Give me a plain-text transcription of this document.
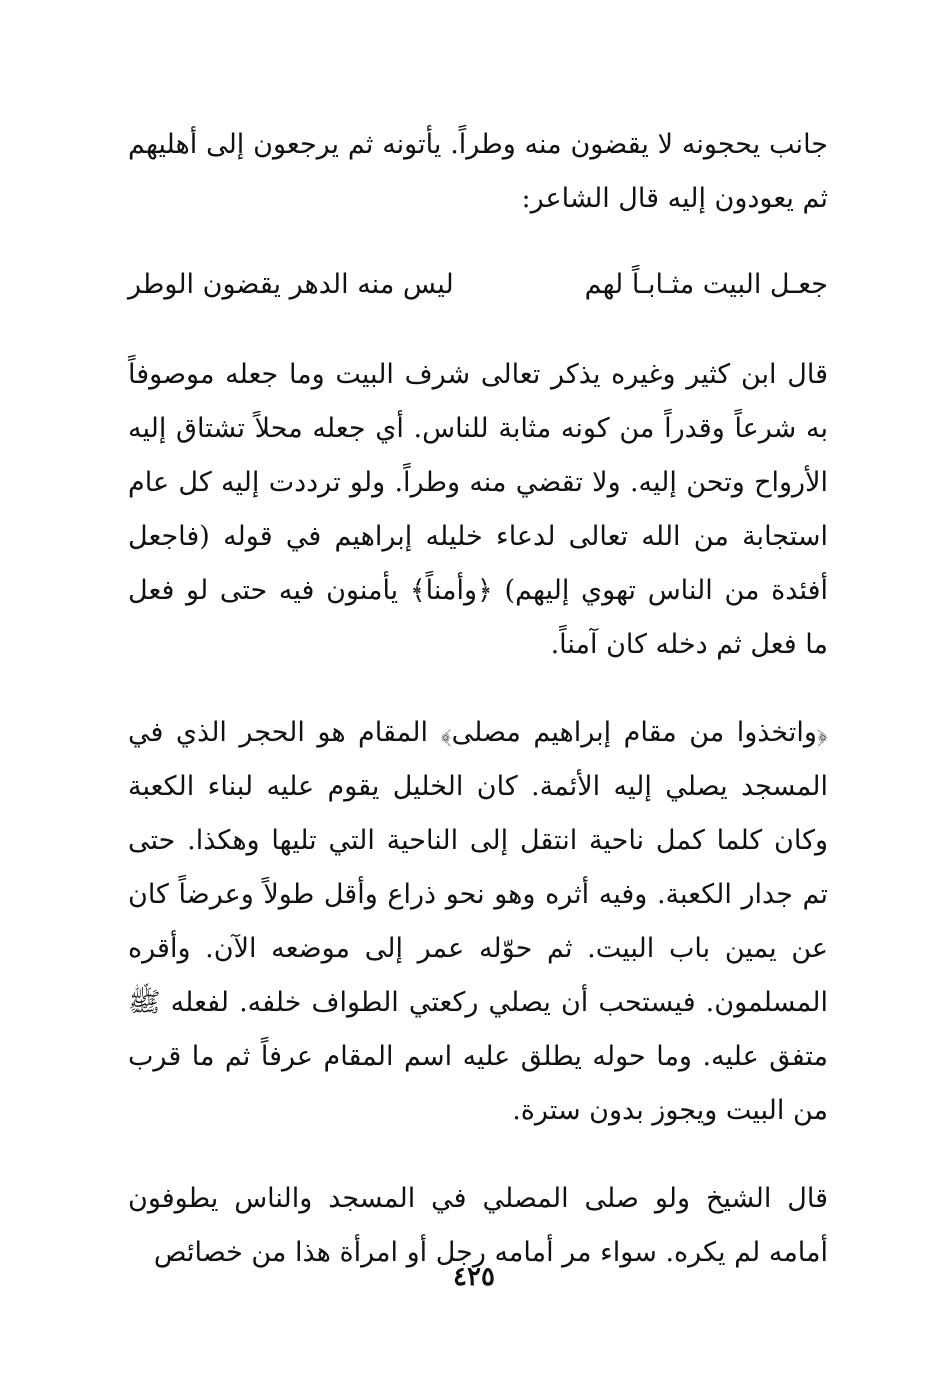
جانب يحجونه لا يقضون منه وطراً. يأتونه ثم يرجعون إلى أهليهم ثم يعودون إليه قال الشاعر:

جعـل البيت مثـابـاً لهم
ليس منه الدهر يقضون الوطر

قال ابن كثير وغيره يذكر تعالى شرف البيت وما جعله موصوفاً به شرعاً وقدراً من كونه مثابة للناس. أي جعله محلاً تشتاق إليه الأرواح وتحن إليه. ولا تقضي منه وطراً. ولو ترددت إليه كل عام استجابة من الله تعالى لدعاء خليله إبراهيم في قوله (فاجعل أفئدة من الناس تهوي إليهم) ﴿وأمناً﴾ يأمنون فيه حتى لو فعل ما فعل ثم دخله كان آمناً.

﴿واتخذوا من مقام إبراهيم مصلى﴾ المقام هو الحجر الذي في المسجد يصلي إليه الأئمة. كان الخليل يقوم عليه لبناء الكعبة وكان كلما كمل ناحية انتقل إلى الناحية التي تليها وهكذا. حتى تم جدار الكعبة. وفيه أثره وهو نحو ذراع وأقل طولاً وعرضاً كان عن يمين باب البيت. ثم حوّله عمر إلى موضعه الآن. وأقره المسلمون. فيستحب أن يصلي ركعتي الطواف خلفه. لفعله ﷺ متفق عليه. وما حوله يطلق عليه اسم المقام عرفاً ثم ما قرب من البيت ويجوز بدون سترة.

قال الشيخ ولو صلى المصلي في المسجد والناس يطوفون أمامه لم يكره. سواء مر أمامه رجل أو امرأة هذا من خصائص

٤٢٥
